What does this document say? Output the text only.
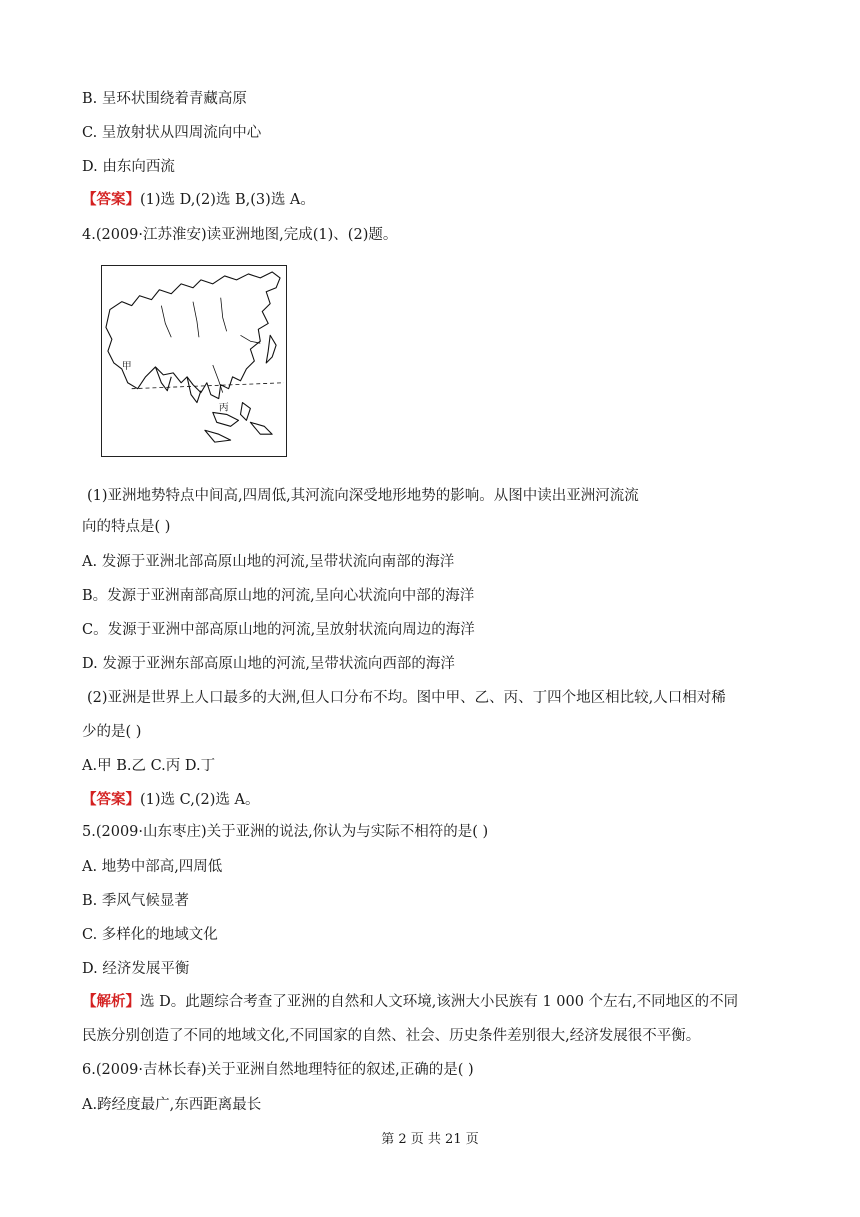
B. 呈环状围绕着青藏高原
C. 呈放射状从四周流向中心
D. 由东向西流
【答案】(1)选 D,(2)选 B,(3)选 A。
4.(2009·江苏淮安)读亚洲地图,完成(1)、(2)题。
甲
丙
(1)亚洲地势特点中间高,四周低,其河流向深受地形地势的影响。从图中读出亚洲河流流
向的特点是( )
A. 发源于亚洲北部高原山地的河流,呈带状流向南部的海洋
B。发源于亚洲南部高原山地的河流,呈向心状流向中部的海洋
C。发源于亚洲中部高原山地的河流,呈放射状流向周边的海洋
D. 发源于亚洲东部高原山地的河流,呈带状流向西部的海洋
(2)亚洲是世界上人口最多的大洲,但人口分布不均。图中甲、乙、丙、丁四个地区相比较,人口相对稀
少的是( )
A.甲 B.乙 C.丙 D.丁
【答案】(1)选 C,(2)选 A。
5.(2009·山东枣庄)关于亚洲的说法,你认为与实际不相符的是( )
A. 地势中部高,四周低
B. 季风气候显著
C. 多样化的地域文化
D. 经济发展平衡
【解析】选 D。此题综合考查了亚洲的自然和人文环境,该洲大小民族有 1 000 个左右,不同地区的不同
民族分别创造了不同的地域文化,不同国家的自然、社会、历史条件差别很大,经济发展很不平衡。
6.(2009·吉林长春)关于亚洲自然地理特征的叙述,正确的是( )
A.跨经度最广,东西距离最长
第 2 页 共 21 页
